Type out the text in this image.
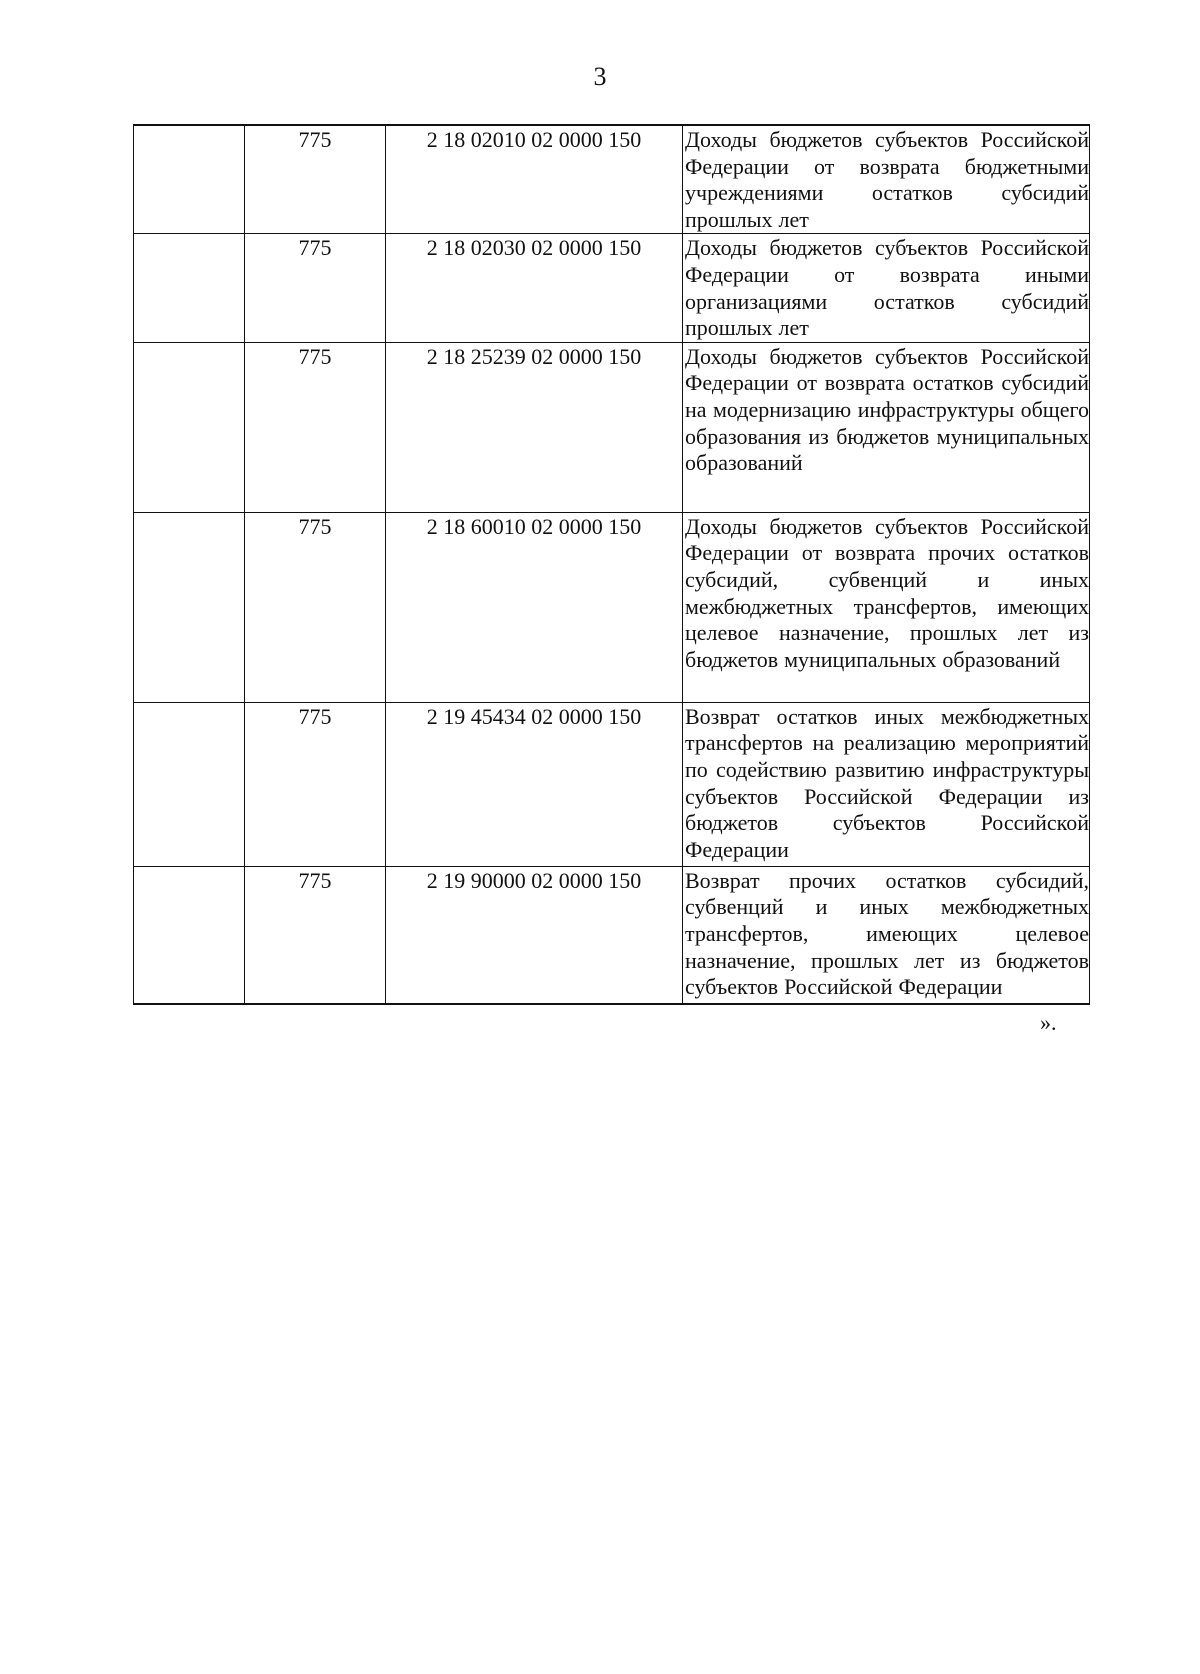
3
	775	2 18 02010 02 0000 150	Доходы бюджетов субъектов Российской Федерации от возврата бюджетными учреждениями остатков субсидий прошлых лет
	775	2 18 02030 02 0000 150	Доходы бюджетов субъектов Российской Федерации от возврата иными организациями остатков субсидий прошлых лет
	775	2 18 25239 02 0000 150	Доходы бюджетов субъектов Российской Федерации от возврата остатков субсидий на модернизацию инфраструктуры общего образования из бюджетов муниципальных образований
	775	2 18 60010 02 0000 150	Доходы бюджетов субъектов Российской Федерации от возврата прочих остатков субсидий, субвенций и иных межбюджетных трансфертов, имеющих целевое назначение, прошлых лет из бюджетов муниципальных образований
	775	2 19 45434 02 0000 150	Возврат остатков иных межбюджетных трансфертов на реализацию мероприятий по содействию развитию инфраструктуры субъектов Российской Федерации из бюджетов субъектов Российской Федерации
	775	2 19 90000 02 0000 150	Возврат прочих остатков субсидий, субвенций и иных межбюджетных трансфертов, имеющих целевое назначение, прошлых лет из бюджетов субъектов Российской Федерации
».
